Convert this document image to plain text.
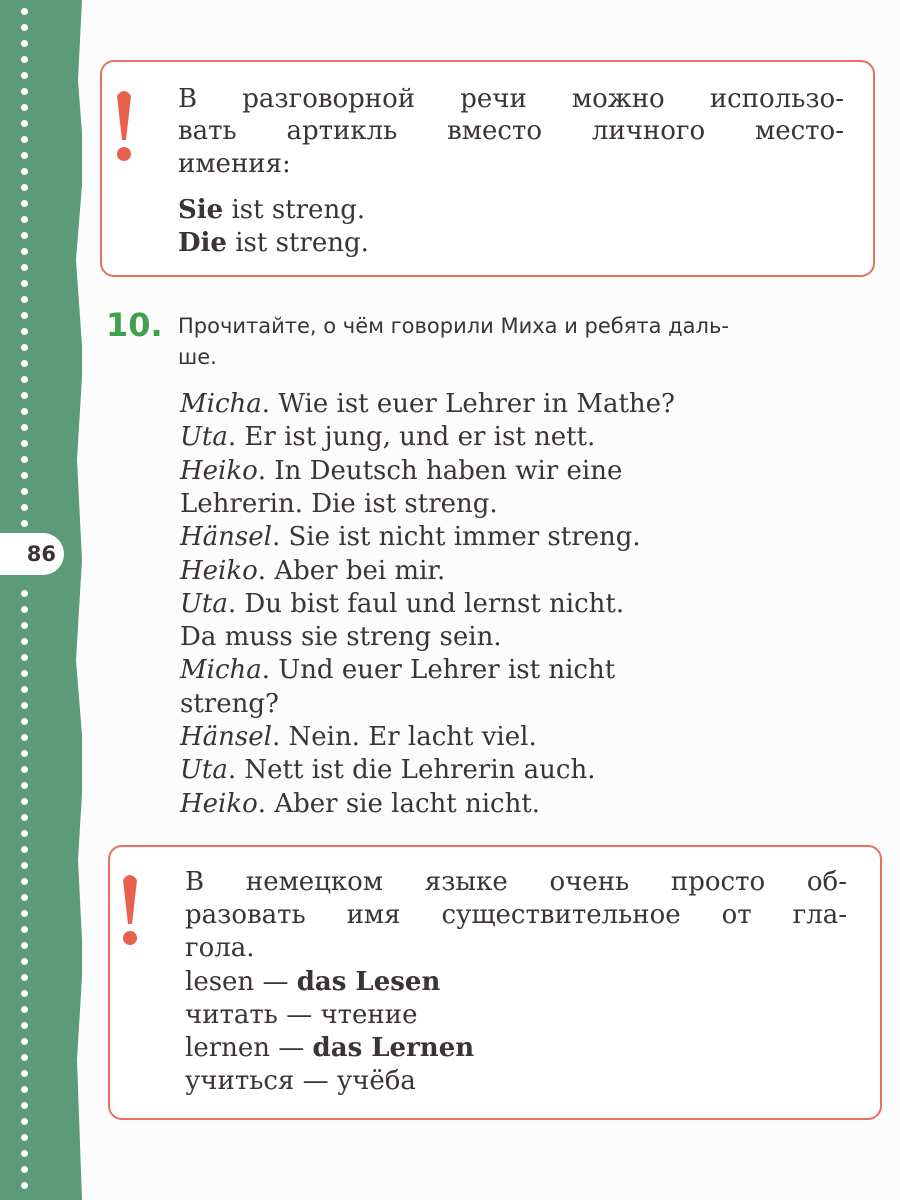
86
В разговорной речи можно использо-
вать артикль вместо личного место-
имения:
Sie ist streng.
Die ist streng.
10. Прочитайте, о чём говорили Миха и ребята даль-
ше.
Micha. Wie ist euer Lehrer in Mathe?
Uta. Er ist jung, und er ist nett.
Heiko. In Deutsch haben wir eine
Lehrerin. Die ist streng.
Hänsel. Sie ist nicht immer streng.
Heiko. Aber bei mir.
Uta. Du bist faul und lernst nicht.
Da muss sie streng sein.
Micha. Und euer Lehrer ist nicht
streng?
Hänsel. Nein. Er lacht viel.
Uta. Nett ist die Lehrerin auch.
Heiko. Aber sie lacht nicht.
В немецком языке очень просто об-
разовать имя существительное от гла-
гола.
lesen — das Lesen
читать — чтение
lernen — das Lernen
учиться — учёба
